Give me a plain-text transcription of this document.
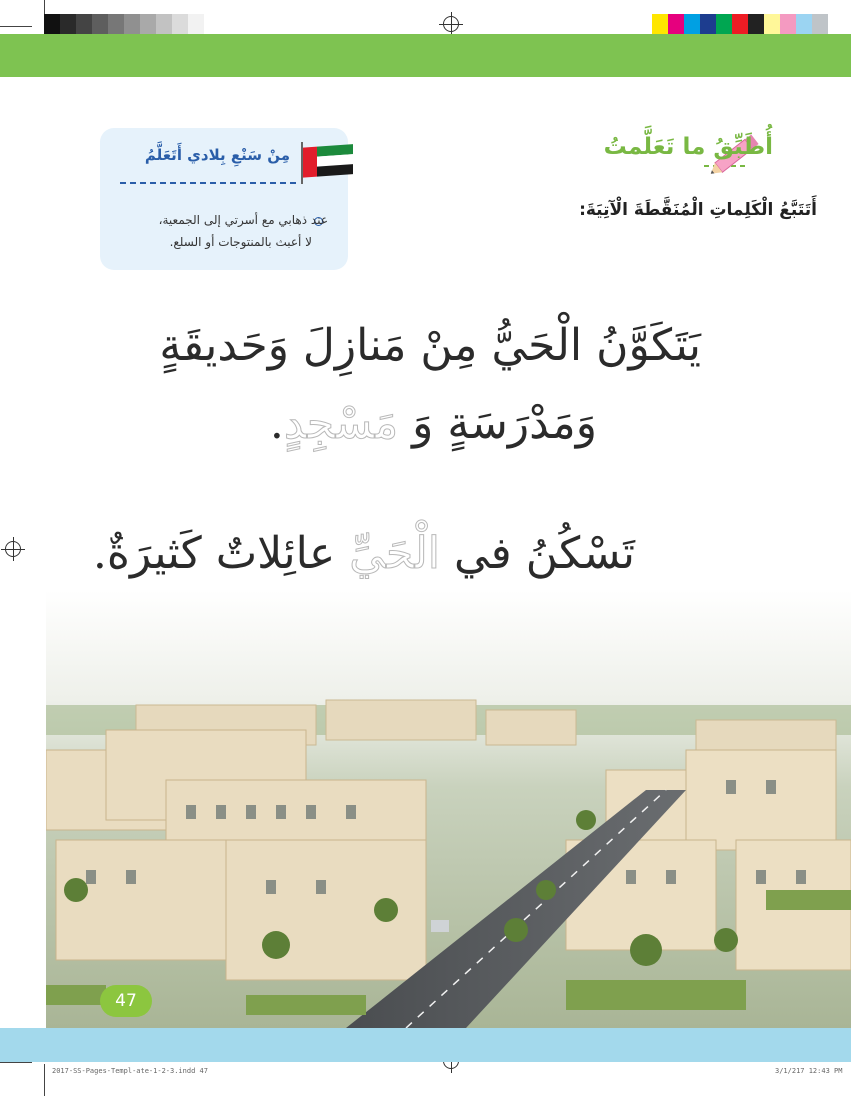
أُطَبِّقُ ما تَعَلَّمتُ
أَتَتَبَّعُ الْكَلِماتِ الْمُنَقَّطَةَ الْآتِيَةَ:
مِنْ سَنْعِ بِلادي أَتَعَلَّمُ
عند ذهابي مع أسرتي إلى الجمعية،
لا أعبث بالمنتوجات أو السلع.
يَتَكَوَّنُ الْحَيُّ مِنْ مَنازِلَ وَحَديقَةٍ
وَمَدْرَسَةٍ وَ مَسْجِدٍ.
تَسْكُنُ في الْحَيِّ عائِلاتٌ كَثيرَةٌ.
47
2017-SS-Pages-Templ-ate-1-2-3.indd 47	3/1/217 12:43 PM
